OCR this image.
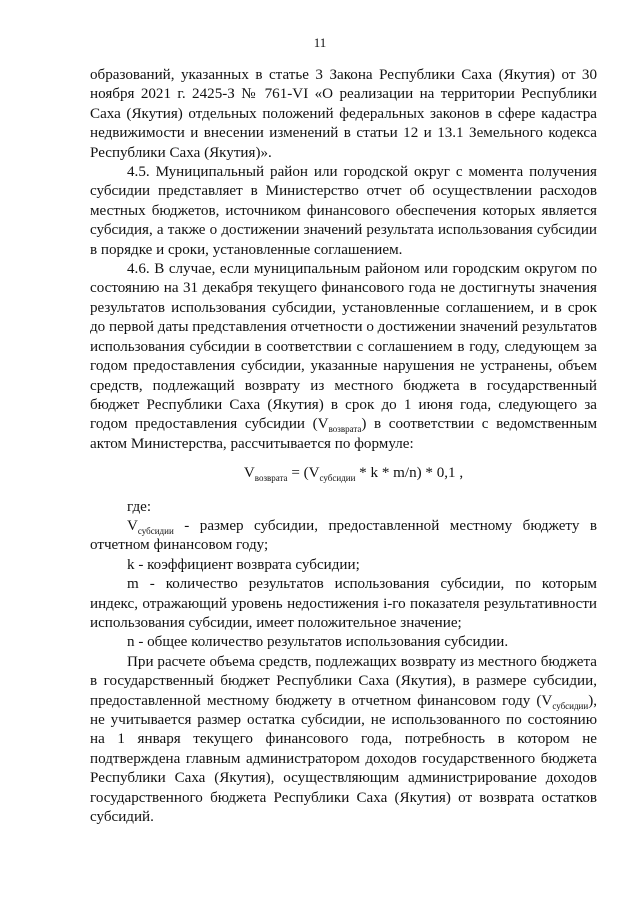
11

образований, указанных в статье 3 Закона Республики Саха (Якутия) от 30 ноября 2021 г. 2425-З № 761-VI «О реализации на территории Республики Саха (Якутия) отдельных положений федеральных законов в сфере кадастра недвижимости и внесении изменений в статьи 12 и 13.1 Земельного кодекса Республики Саха (Якутия)».

4.5. Муниципальный район или городской округ с момента получения субсидии представляет в Министерство отчет об осуществлении расходов местных бюджетов, источником финансового обеспечения которых является субсидия, а также о достижении значений результата использования субсидии в порядке и сроки, установленные соглашением.

4.6. В случае, если муниципальным районом или городским округом по состоянию на 31 декабря текущего финансового года не достигнуты значения результатов использования субсидии, установленные соглашением, и в срок до первой даты представления отчетности о достижении значений результатов использования субсидии в соответствии с соглашением в году, следующем за годом предоставления субсидии, указанные нарушения не устранены, объем средств, подлежащий возврату из местного бюджета в государственный бюджет Республики Саха (Якутия) в срок до 1 июня года, следующего за годом предоставления субсидии $(V_{возврата})$ в соответствии с ведомственным актом Министерства, рассчитывается по формуле:

$V_{возврата} = (V_{субсидии} * k * m/n) * 0,1$ ,

где:

$V_{субсидии}$ - размер субсидии, предоставленной местному бюджету в отчетном финансовом году;

k - коэффициент возврата субсидии;

m - количество результатов использования субсидии, по которым индекс, отражающий уровень недостижения i-го показателя результативности использования субсидии, имеет положительное значение;

n - общее количество результатов использования субсидии.

При расчете объема средств, подлежащих возврату из местного бюджета в государственный бюджет Республики Саха (Якутия), в размере субсидии, предоставленной местному бюджету в отчетном финансовом году $(V_{субсидии})$, не учитывается размер остатка субсидии, не использованного по состоянию на 1 января текущего финансового года, потребность в котором не подтверждена главным администратором доходов государственного бюджета Республики Саха (Якутия), осуществляющим администрирование доходов государственного бюджета Республики Саха (Якутия) от возврата остатков субсидий.
